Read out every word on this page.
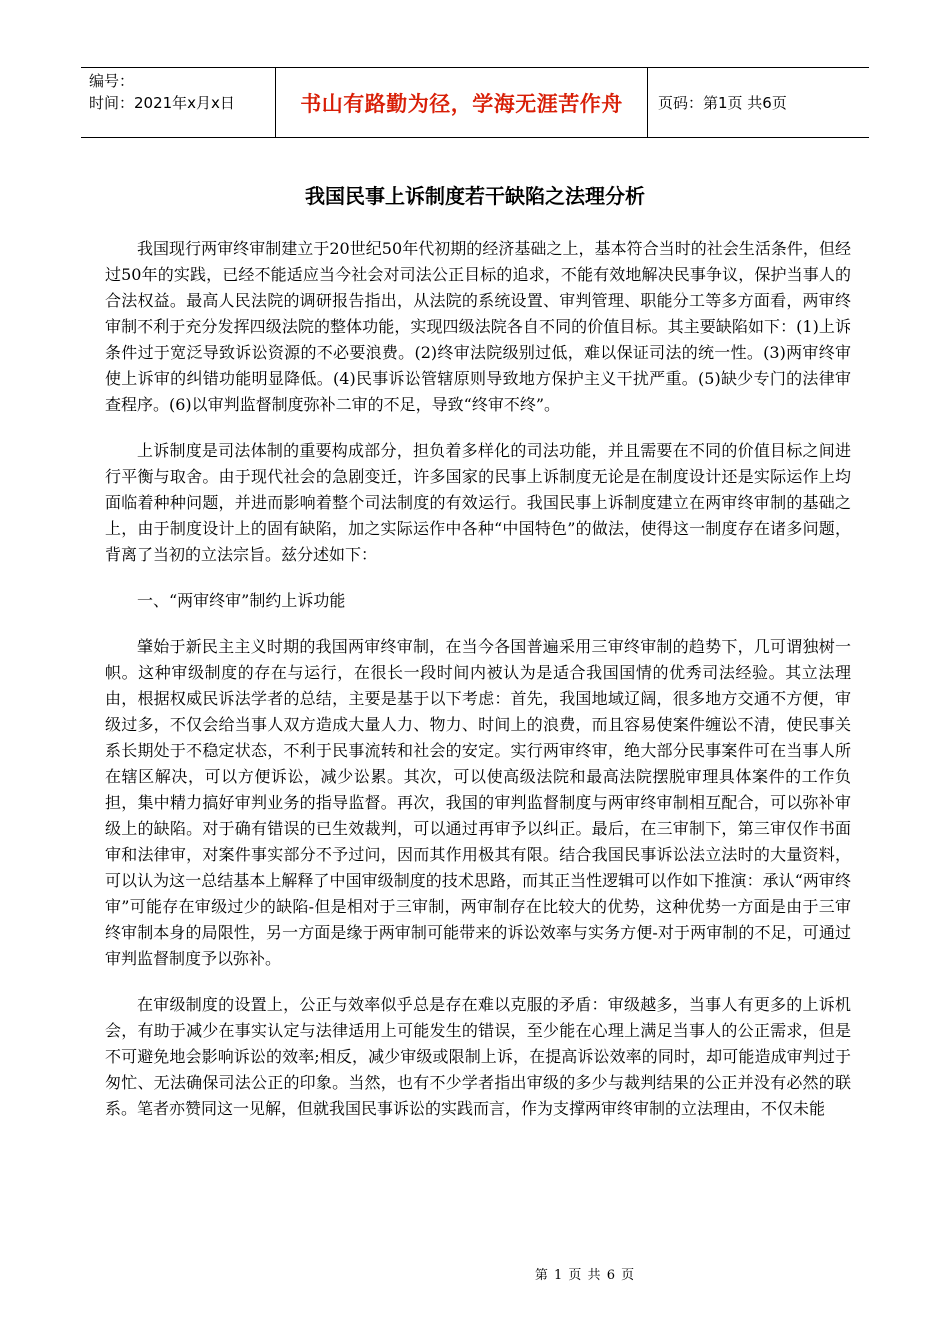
编号：
时间：2021年x月x日	书山有路勤为径，学海无涯苦作舟	页码：第1页 共6页
我国民事上诉制度若干缺陷之法理分析

我国现行两审终审制建立于20世纪50年代初期的经济基础之上，基本符合当时的社会生活条件，但经过50年的实践，已经不能适应当今社会对司法公正目标的追求，不能有效地解决民事争议，保护当事人的合法权益。最高人民法院的调研报告指出，从法院的系统设置、审判管理、职能分工等多方面看，两审终审制不利于充分发挥四级法院的整体功能，实现四级法院各自不同的价值目标。其主要缺陷如下：(1)上诉条件过于宽泛导致诉讼资源的不必要浪费。(2)终审法院级别过低，难以保证司法的统一性。(3)两审终审使上诉审的纠错功能明显降低。(4)民事诉讼管辖原则导致地方保护主义干扰严重。(5)缺少专门的法律审查程序。(6)以审判监督制度弥补二审的不足，导致“终审不终”。

上诉制度是司法体制的重要构成部分，担负着多样化的司法功能，并且需要在不同的价值目标之间进行平衡与取舍。由于现代社会的急剧变迁，许多国家的民事上诉制度无论是在制度设计还是实际运作上均面临着种种问题，并进而影响着整个司法制度的有效运行。我国民事上诉制度建立在两审终审制的基础之上，由于制度设计上的固有缺陷，加之实际运作中各种“中国特色”的做法，使得这一制度存在诸多问题，背离了当初的立法宗旨。兹分述如下：

一、“两审终审”制约上诉功能

肇始于新民主主义时期的我国两审终审制，在当今各国普遍采用三审终审制的趋势下，几可谓独树一帜。这种审级制度的存在与运行，在很长一段时间内被认为是适合我国国情的优秀司法经验。其立法理由，根据权威民诉法学者的总结，主要是基于以下考虑：首先，我国地域辽阔，很多地方交通不方便，审级过多，不仅会给当事人双方造成大量人力、物力、时间上的浪费，而且容易使案件缠讼不清，使民事关系长期处于不稳定状态，不利于民事流转和社会的安定。实行两审终审，绝大部分民事案件可在当事人所在辖区解决，可以方便诉讼，减少讼累。其次，可以使高级法院和最高法院摆脱审理具体案件的工作负担，集中精力搞好审判业务的指导监督。再次，我国的审判监督制度与两审终审制相互配合，可以弥补审级上的缺陷。对于确有错误的已生效裁判，可以通过再审予以纠正。最后，在三审制下，第三审仅作书面审和法律审，对案件事实部分不予过问，因而其作用极其有限。结合我国民事诉讼法立法时的大量资料，可以认为这一总结基本上解释了中国审级制度的技术思路，而其正当性逻辑可以作如下推演：承认“两审终审”可能存在审级过少的缺陷-但是相对于三审制，两审制存在比较大的优势，这种优势一方面是由于三审终审制本身的局限性，另一方面是缘于两审制可能带来的诉讼效率与实务方便-对于两审制的不足，可通过审判监督制度予以弥补。

在审级制度的设置上，公正与效率似乎总是存在难以克服的矛盾：审级越多，当事人有更多的上诉机会，有助于减少在事实认定与法律适用上可能发生的错误，至少能在心理上满足当事人的公正需求，但是不可避免地会影响诉讼的效率;相反，减少审级或限制上诉，在提高诉讼效率的同时，却可能造成审判过于匆忙、无法确保司法公正的印象。当然，也有不少学者指出审级的多少与裁判结果的公正并没有必然的联系。笔者亦赞同这一见解，但就我国民事诉讼的实践而言，作为支撑两审终审制的立法理由，不仅未能

第 1 页 共 6 页
